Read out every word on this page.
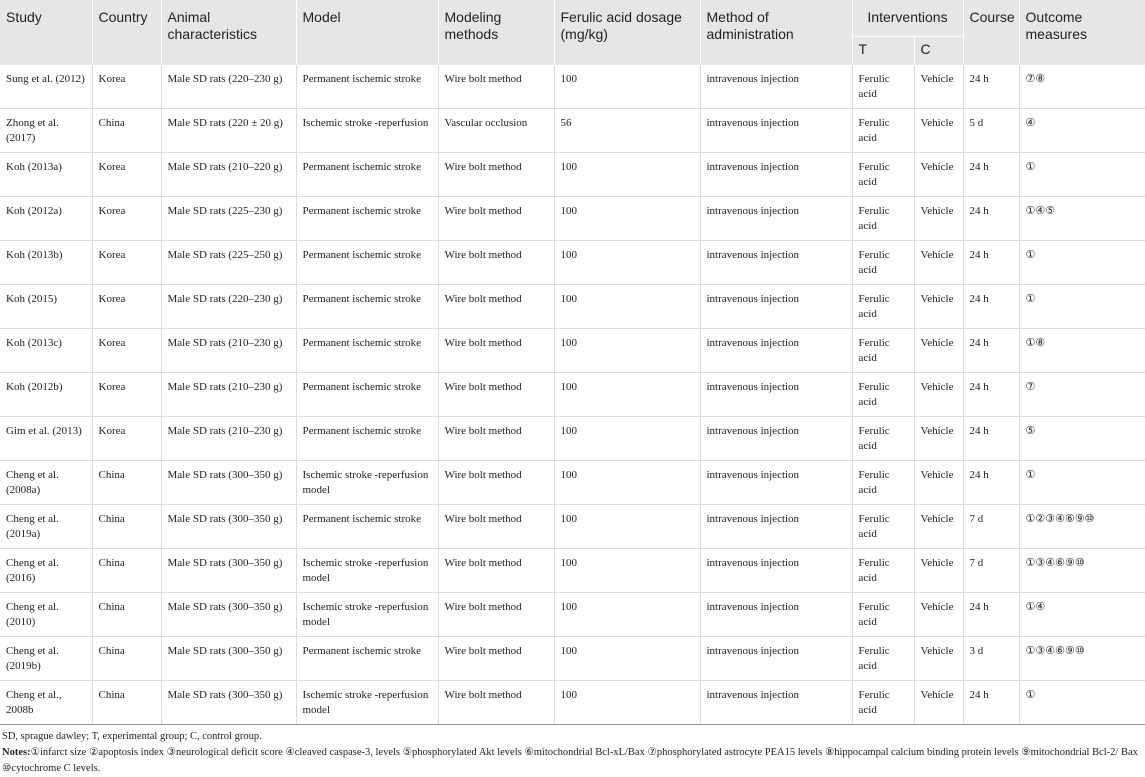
Study	Country	Animal characteristics	Model	Modeling methods	Ferulic acid dosage (mg/kg)	Method of administration	Interventions		Course	Outcome measures
							T	C		
Sung et al. (2012)	Korea	Male SD rats (220–230 g)	Permanent ischemic stroke	Wire bolt method	100	intravenous injection	Ferulic acid	Vehicle	24 h	⑦⑧
Zhong et al. (2017)	China	Male SD rats (220 ± 20 g)	Ischemic stroke -reperfusion	Vascular occlusion	56	intravenous injection	Ferulic acid	Vehicle	5 d	④
Koh (2013a)	Korea	Male SD rats (210–220 g)	Permanent ischemic stroke	Wire bolt method	100	intravenous injection	Ferulic acid	Vehicle	24 h	①
Koh (2012a)	Korea	Male SD rats (225–230 g)	Permanent ischemic stroke	Wire bolt method	100	intravenous injection	Ferulic acid	Vehicle	24 h	①④⑤
Koh (2013b)	Korea	Male SD rats (225–250 g)	Permanent ischemic stroke	Wire bolt method	100	intravenous injection	Ferulic acid	Vehicle	24 h	①
Koh (2015)	Korea	Male SD rats (220–230 g)	Permanent ischemic stroke	Wire bolt method	100	intravenous injection	Ferulic acid	Vehicle	24 h	①
Koh (2013c)	Korea	Male SD rats (210–230 g)	Permanent ischemic stroke	Wire bolt method	100	intravenous injection	Ferulic acid	Vehicle	24 h	①⑧
Koh (2012b)	Korea	Male SD rats (210–230 g)	Permanent ischemic stroke	Wire bolt method	100	intravenous injection	Ferulic acid	Vehicle	24 h	⑦
Gim et al. (2013)	Korea	Male SD rats (210–230 g)	Permanent ischemic stroke	Wire bolt method	100	intravenous injection	Ferulic acid	Vehicle	24 h	⑤
Cheng et al. (2008a)	China	Male SD rats (300–350 g)	Ischemic stroke -reperfusion model	Wire bolt method	100	intravenous injection	Ferulic acid	Vehicle	24 h	①
Cheng et al. (2019a)	China	Male SD rats (300–350 g)	Permanent ischemic stroke	Wire bolt method	100	intravenous injection	Ferulic acid	Vehicle	7 d	①②③④⑥⑨⑩
Cheng et al. (2016)	China	Male SD rats (300–350 g)	Ischemic stroke -reperfusion model	Wire bolt method	100	intravenous injection	Ferulic acid	Vehicle	7 d	①③④⑥⑨⑩
Cheng et al. (2010)	China	Male SD rats (300–350 g)	Ischemic stroke -reperfusion model	Wire bolt method	100	intravenous injection	Ferulic acid	Vehicle	24 h	①④
Cheng et al. (2019b)	China	Male SD rats (300–350 g)	Permanent ischemic stroke	Wire bolt method	100	intravenous injection	Ferulic acid	Vehicle	3 d	①③④⑥⑨⑩
Cheng et al., 2008b	China	Male SD rats (300–350 g)	Ischemic stroke -reperfusion model	Wire bolt method	100	intravenous injection	Ferulic acid	Vehicle	24 h	①
SD, sprague dawley; T, experimental group; C, control group.
Notes:①infarct size ②apoptosis index ③neurological deficit score ④cleaved caspase-3, levels ⑤phosphorylated Akt levels ⑥mitochondrial Bcl-xL/Bax ⑦phosphorylated astrocyte PEA15 levels ⑧hippocampal calcium binding protein levels ⑨mitochondrial Bcl-2/ Bax ⑩cytochrome C levels.
